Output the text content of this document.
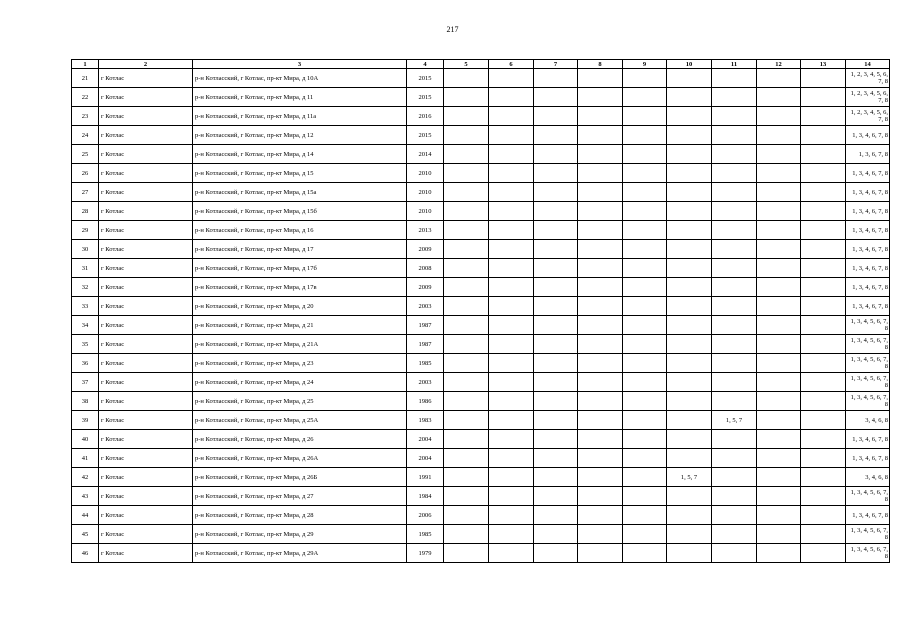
217
1	2	3	4	5	6	7	8	9	10	11	12	13	14
21	г Котлас	р-н Котласский, г Котлас, пр-кт Мира, д 10А	2015										1, 2, 3, 4, 5, 6, 7, 8
22	г Котлас	р-н Котласский, г Котлас, пр-кт Мира, д 11	2015										1, 2, 3, 4, 5, 6, 7, 8
23	г Котлас	р-н Котласский, г Котлас, пр-кт Мира, д 11а	2016										1, 2, 3, 4, 5, 6, 7, 8
24	г Котлас	р-н Котласский, г Котлас, пр-кт Мира, д 12	2015										1, 3, 4, 6, 7, 8
25	г Котлас	р-н Котласский, г Котлас, пр-кт Мира, д 14	2014										1, 3, 6, 7, 8
26	г Котлас	р-н Котласский, г Котлас, пр-кт Мира, д 15	2010										1, 3, 4, 6, 7, 8
27	г Котлас	р-н Котласский, г Котлас, пр-кт Мира, д 15а	2010										1, 3, 4, 6, 7, 8
28	г Котлас	р-н Котласский, г Котлас, пр-кт Мира, д 15б	2010										1, 3, 4, 6, 7, 8
29	г Котлас	р-н Котласский, г Котлас, пр-кт Мира, д 16	2013										1, 3, 4, 6, 7, 8
30	г Котлас	р-н Котласский, г Котлас, пр-кт Мира, д 17	2009										1, 3, 4, 6, 7, 8
31	г Котлас	р-н Котласский, г Котлас, пр-кт Мира, д 17б	2008										1, 3, 4, 6, 7, 8
32	г Котлас	р-н Котласский, г Котлас, пр-кт Мира, д 17в	2009										1, 3, 4, 6, 7, 8
33	г Котлас	р-н Котласский, г Котлас, пр-кт Мира, д 20	2003										1, 3, 4, 6, 7, 8
34	г Котлас	р-н Котласский, г Котлас, пр-кт Мира, д 21	1987										1, 3, 4, 5, 6, 7, 8
35	г Котлас	р-н Котласский, г Котлас, пр-кт Мира, д 21А	1987										1, 3, 4, 5, 6, 7, 8
36	г Котлас	р-н Котласский, г Котлас, пр-кт Мира, д 23	1985										1, 3, 4, 5, 6, 7, 8
37	г Котлас	р-н Котласский, г Котлас, пр-кт Мира, д 24	2003										1, 3, 4, 5, 6, 7, 8
38	г Котлас	р-н Котласский, г Котлас, пр-кт Мира, д 25	1986										1, 3, 4, 5, 6, 7, 8
39	г Котлас	р-н Котласский, г Котлас, пр-кт Мира, д 25А	1983							1, 5, 7			3, 4, 6, 8
40	г Котлас	р-н Котласский, г Котлас, пр-кт Мира, д 26	2004										1, 3, 4, 6, 7, 8
41	г Котлас	р-н Котласский, г Котлас, пр-кт Мира, д 26А	2004										1, 3, 4, 6, 7, 8
42	г Котлас	р-н Котласский, г Котлас, пр-кт Мира, д 26Б	1991						1, 5, 7				3, 4, 6, 8
43	г Котлас	р-н Котласский, г Котлас, пр-кт Мира, д 27	1984										1, 3, 4, 5, 6, 7, 8
44	г Котлас	р-н Котласский, г Котлас, пр-кт Мира, д 28	2006										1, 3, 4, 6, 7, 8
45	г Котлас	р-н Котласский, г Котлас, пр-кт Мира, д 29	1985										1, 3, 4, 5, 6, 7, 8
46	г Котлас	р-н Котласский, г Котлас, пр-кт Мира, д 29А	1979										1, 3, 4, 5, 6, 7, 8
